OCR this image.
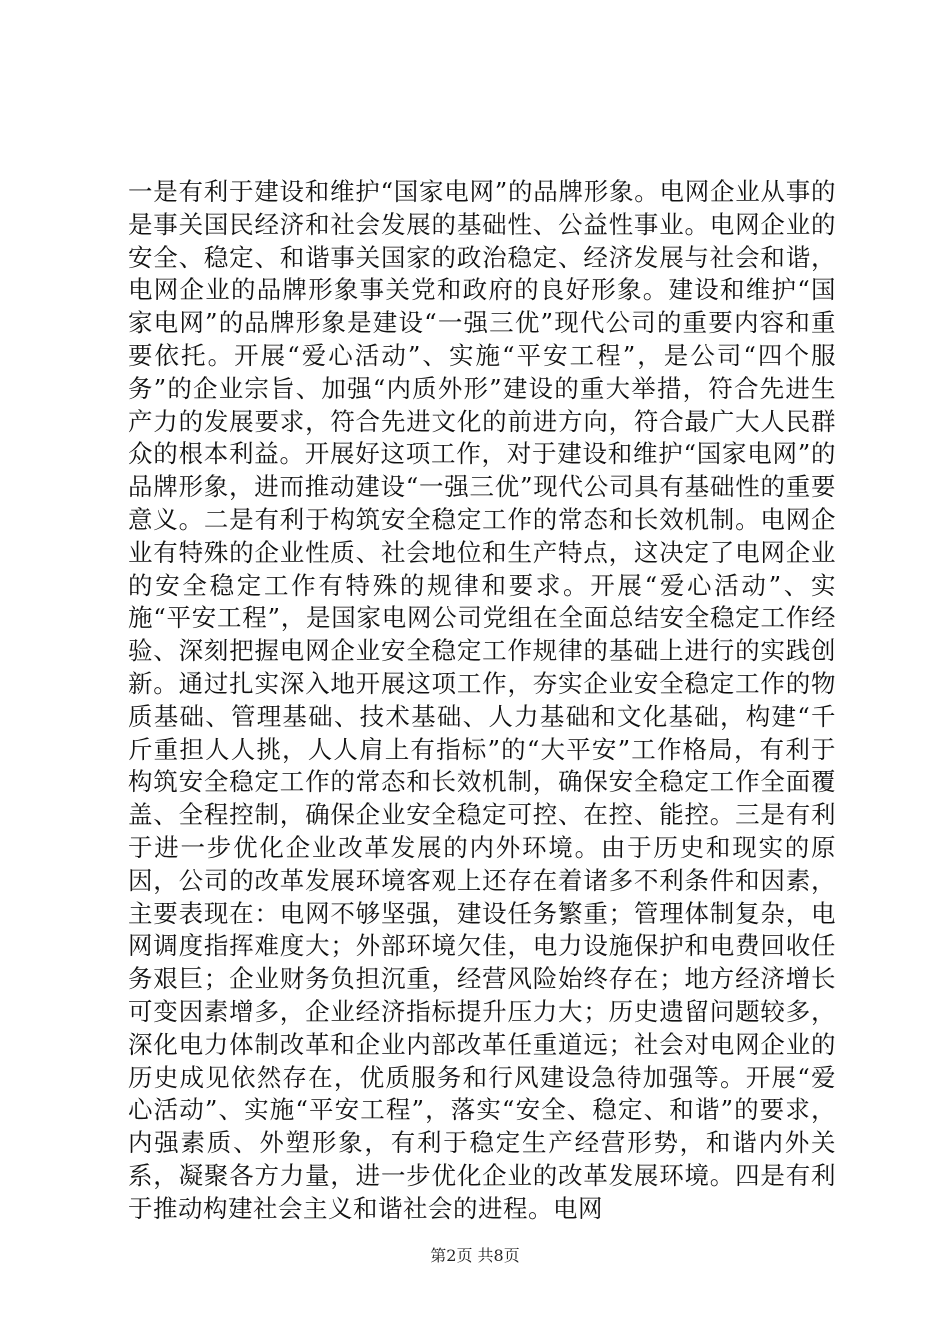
一是有利于建设和维护“国家电网”的品牌形象。电网企业从事的是事关国民经济和社会发展的基础性、公益性事业。电网企业的安全、稳定、和谐事关国家的政治稳定、经济发展与社会和谐，电网企业的品牌形象事关党和政府的良好形象。建设和维护“国家电网”的品牌形象是建设“一强三优”现代公司的重要内容和重要依托。开展“爱心活动”、实施“平安工程”，是公司“四个服务”的企业宗旨、加强“内质外形”建设的重大举措，符合先进生产力的发展要求，符合先进文化的前进方向，符合最广大人民群众的根本利益。开展好这项工作，对于建设和维护“国家电网”的品牌形象，进而推动建设“一强三优”现代公司具有基础性的重要意义。二是有利于构筑安全稳定工作的常态和长效机制。电网企业有特殊的企业性质、社会地位和生产特点，这决定了电网企业的安全稳定工作有特殊的规律和要求。开展“爱心活动”、实施“平安工程”，是国家电网公司党组在全面总结安全稳定工作经验、深刻把握电网企业安全稳定工作规律的基础上进行的实践创新。通过扎实深入地开展这项工作，夯实企业安全稳定工作的物质基础、管理基础、技术基础、人力基础和文化基础，构建“千斤重担人人挑，人人肩上有指标”的“大平安”工作格局，有利于构筑安全稳定工作的常态和长效机制，确保安全稳定工作全面覆盖、全程控制，确保企业安全稳定可控、在控、能控。三是有利于进一步优化企业改革发展的内外环境。由于历史和现实的原因，公司的改革发展环境客观上还存在着诸多不利条件和因素，主要表现在：电网不够坚强，建设任务繁重；管理体制复杂，电网调度指挥难度大；外部环境欠佳，电力设施保护和电费回收任务艰巨；企业财务负担沉重，经营风险始终存在；地方经济增长可变因素增多，企业经济指标提升压力大；历史遗留问题较多，深化电力体制改革和企业内部改革任重道远；社会对电网企业的历史成见依然存在，优质服务和行风建设急待加强等。开展“爱心活动”、实施“平安工程”，落实“安全、稳定、和谐”的要求，内强素质、外塑形象，有利于稳定生产经营形势，和谐内外关系，凝聚各方力量，进一步优化企业的改革发展环境。四是有利于推动构建社会主义和谐社会的进程。电网

第2页 共8页
